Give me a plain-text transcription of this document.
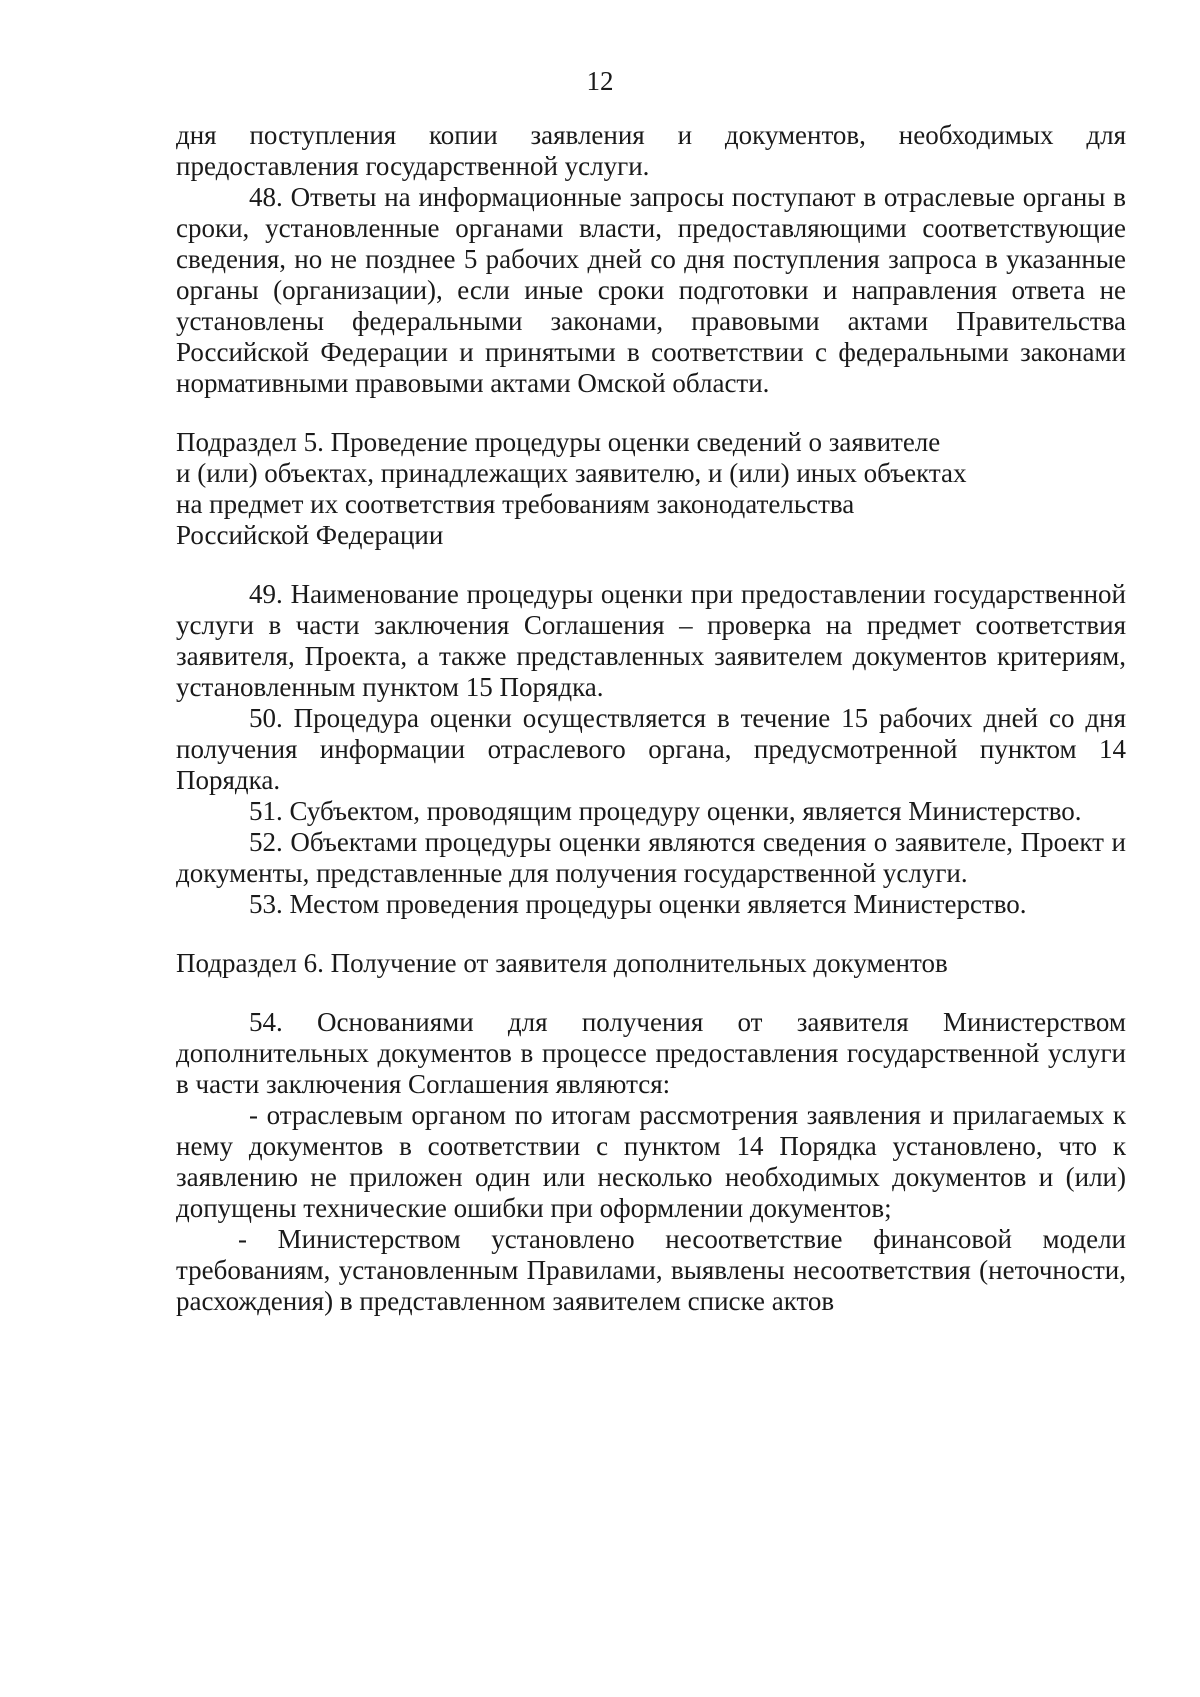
12

дня поступления копии заявления и документов, необходимых для предоставления государственной услуги.

48. Ответы на информационные запросы поступают в отраслевые органы в сроки, установленные органами власти, предоставляющими соответствующие сведения, но не позднее 5 рабочих дней со дня поступления запроса в указанные органы (организации), если иные сроки подготовки и направления ответа не установлены федеральными законами, правовыми актами Правительства Российской Федерации и принятыми в соответствии с федеральными законами нормативными правовыми актами Омской области.

Подраздел 5. Проведение процедуры оценки сведений о заявителе

и (или) объектах, принадлежащих заявителю, и (или) иных объектах

на предмет их соответствия требованиям законодательства

Российской Федерации

49. Наименование процедуры оценки при предоставлении государственной услуги в части заключения Соглашения – проверка на предмет соответствия заявителя, Проекта, а также представленных заявителем документов критериям, установленным пунктом 15 Порядка.

50. Процедура оценки осуществляется в течение 15 рабочих дней со дня получения информации отраслевого органа, предусмотренной пунктом 14 Порядка.

51. Субъектом, проводящим процедуру оценки, является Министерство.

52. Объектами процедуры оценки являются сведения о заявителе, Проект и документы, представленные для получения государственной услуги.

53. Местом проведения процедуры оценки является Министерство.

Подраздел 6. Получение от заявителя дополнительных документов

54. Основаниями для получения от заявителя Министерством дополнительных документов в процессе предоставления государственной услуги в части заключения Соглашения являются:

- отраслевым органом по итогам рассмотрения заявления и прилагаемых к нему документов в соответствии с пунктом 14 Порядка установлено, что к заявлению не приложен один или несколько необходимых документов и (или) допущены технические ошибки при оформлении документов;

- Министерством установлено несоответствие финансовой модели требованиям, установленным Правилами, выявлены несоответствия (неточности, расхождения) в представленном заявителем списке актов
